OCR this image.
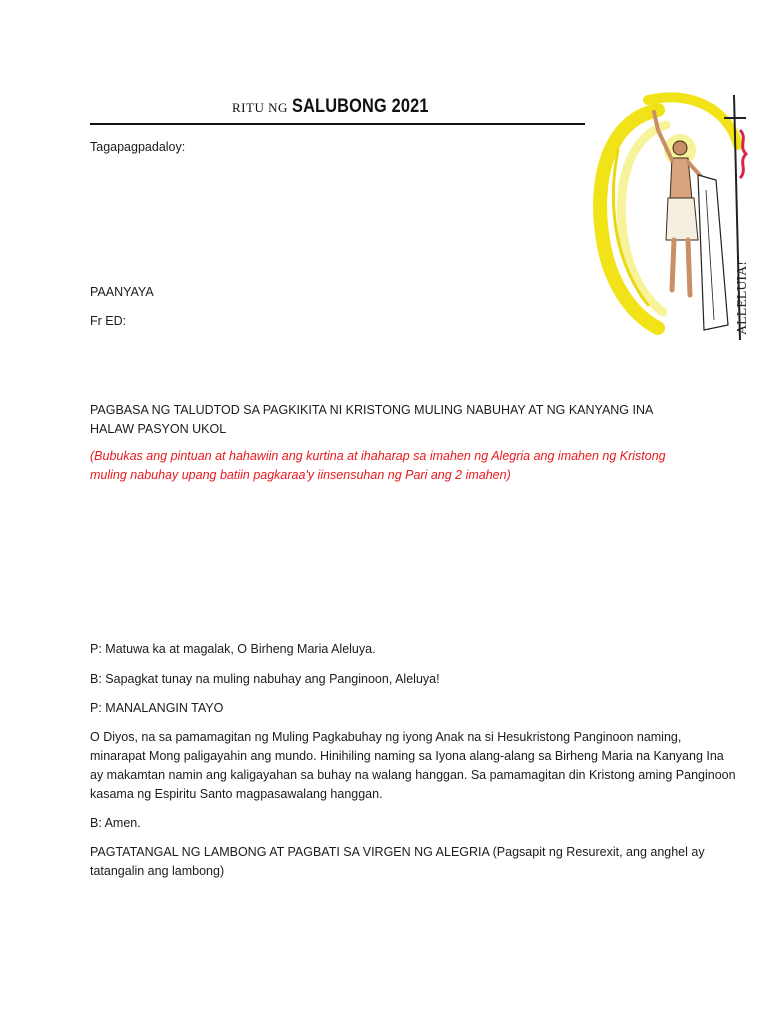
RITU NG SALUBONG 2021

Tagapagpadaloy:

PAANYAYA

Fr ED:

PAGBASA NG TALUDTOD SA PAGKIKITA NI KRISTONG MULING NABUHAY AT NG KANYANG INA HALAW PASYON UKOL

(Bubukas ang pintuan at hahawiin ang kurtina at ihaharap sa imahen ng Alegria ang imahen ng Kristong muling nabuhay upang batiin pagkaraa'y iinsensuhan ng Pari ang 2 imahen)

P: Matuwa ka at magalak, O Birheng Maria Aleluya.

B: Sapagkat tunay na muling nabuhay ang Panginoon, Aleluya!

P: MANALANGIN TAYO

O Diyos, na sa pamamagitan ng Muling Pagkabuhay ng iyong Anak na si Hesukristong Panginoon naming, minarapat Mong paligayahin ang mundo. Hinihiling naming sa Iyona alang-alang sa Birheng Maria na Kanyang Ina ay makamtan namin ang kaligayahan sa buhay na walang hanggan. Sa pamamagitan din Kristong aming Panginoon kasama ng Espiritu Santo magpasawalang hanggan.

B: Amen.

PAGTATANGAL NG LAMBONG AT PAGBATI SA VIRGEN NG ALEGRIA (Pagsapit ng Resurexit, ang anghel ay tatangalin ang lambong)

ALLELUIA!
